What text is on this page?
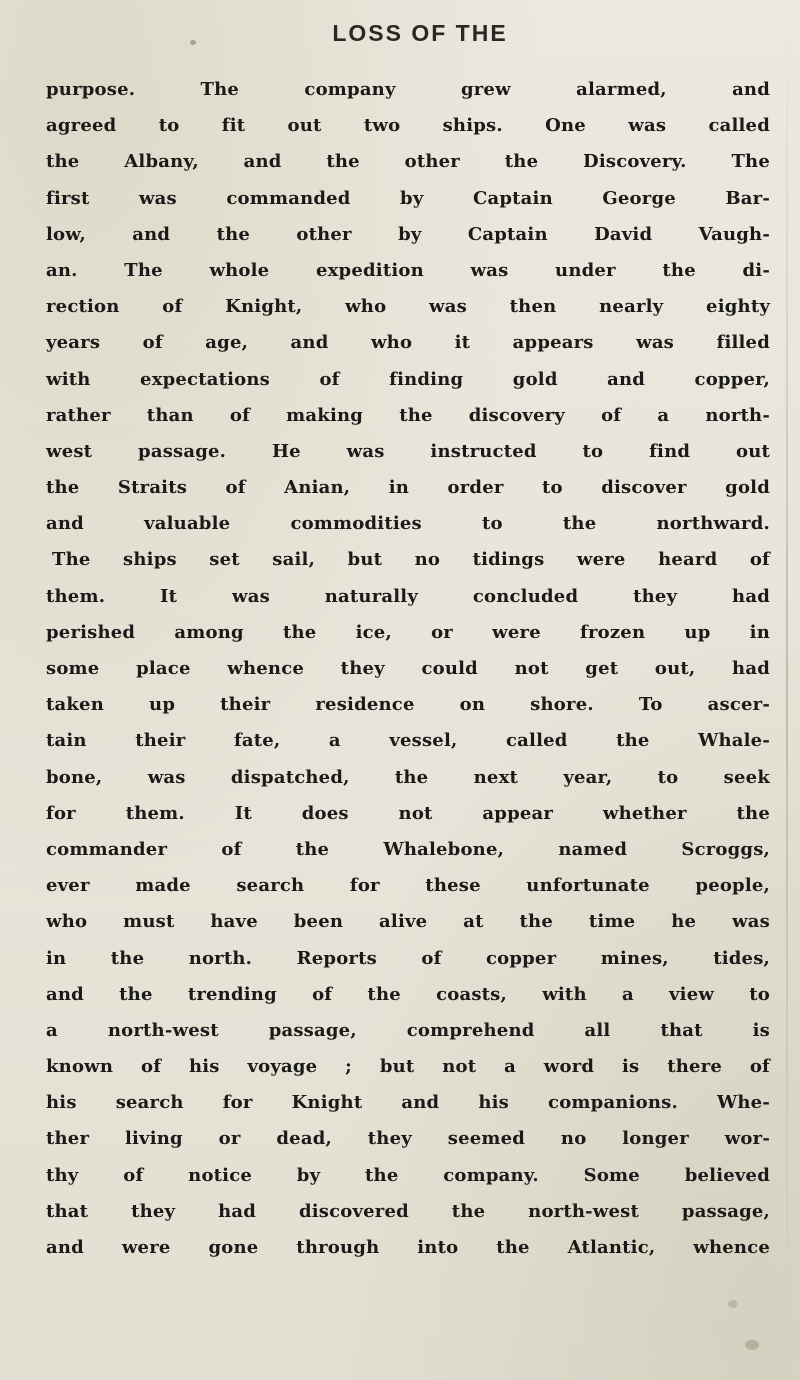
LOSS OF THE
purpose. The company grew alarmed, and
agreed to fit out two ships. One was called
the Albany, and the other the Discovery. The
first was commanded by Captain George Bar-
low, and the other by Captain David Vaugh-
an. The whole expedition was under the di-
rection of Knight, who was then nearly eighty
years of age, and who it appears was filled
with expectations of finding gold and copper,
rather than of making the discovery of a north-
west passage. He was instructed to find out
the Straits of Anian, in order to discover gold
and valuable commodities to the northward.
The ships set sail, but no tidings were heard of
them. It was naturally concluded they had
perished among the ice, or were frozen up in
some place whence they could not get out, had
taken up their residence on shore. To ascer-
tain their fate, a vessel, called the Whale-
bone, was dispatched, the next year, to seek
for them. It does not appear whether the
commander of the Whalebone, named Scroggs,
ever made search for these unfortunate people,
who must have been alive at the time he was
in the north. Reports of copper mines, tides,
and the trending of the coasts, with a view to
a north-west passage, comprehend all that is
known of his voyage ; but not a word is there of
his search for Knight and his companions. Whe-
ther living or dead, they seemed no longer wor-
thy of notice by the company. Some believed
that they had discovered the north-west passage,
and were gone through into the Atlantic, whence
